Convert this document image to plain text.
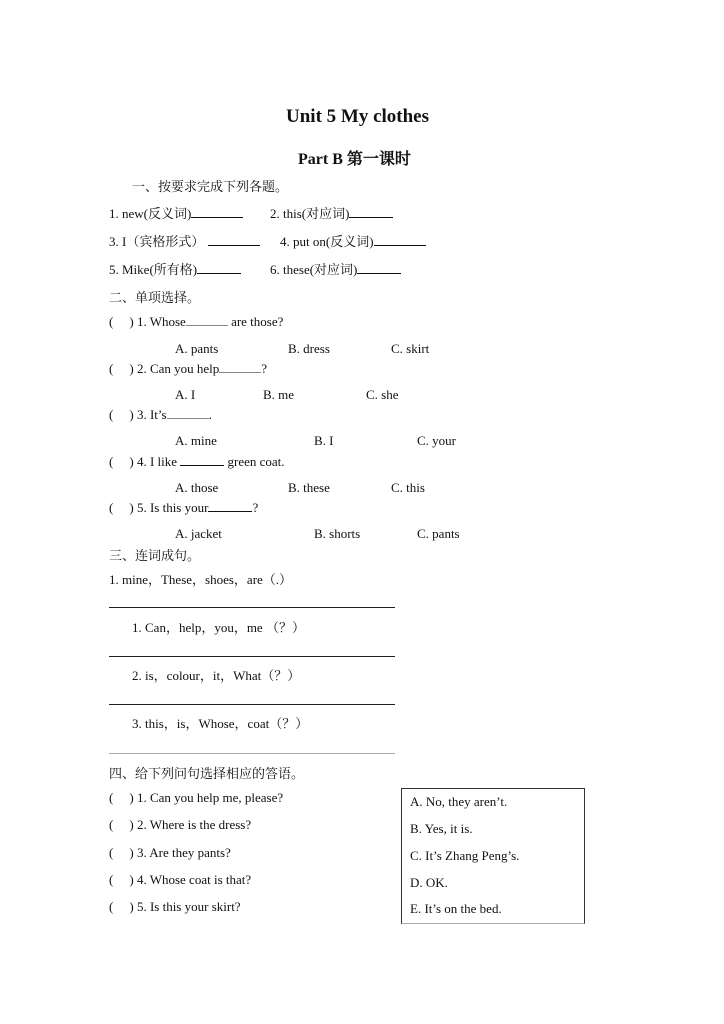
Unit 5 My clothes
Part B 第一课时
一、按要求完成下列各题。
1. new(反义词)	2. this(对应词)
3. I（宾格形式）	4. put on(反义词)
5. Mike(所有格)	6. these(对应词)
二、单项选择。
( ) 1. Whose	are those?
A. pants	B. dress	C. skirt
( ) 2. Can you help	?
A. I	B. me	C. she
( ) 3. It’s	.
A. mine	B. I	C. your
( ) 4. I like	green coat.
A. those	B. these	C. this
( ) 5. Is this your	?
A. jacket	B. shorts	C. pants
三、连词成句。
1. mine，These，shoes，are（.）
1. Can，help，you，me （？）
2. is，colour，it，What（？）
3. this，is，Whose，coat（？）
四、给下列问句选择相应的答语。
( ) 1. Can you help me, please?
( ) 2. Where is the dress?
( ) 3. Are they pants?
( ) 4. Whose coat is that?
( ) 5. Is this your skirt?
A. No, they aren’t.
B. Yes, it is.
C. It’s Zhang Peng’s.
D. OK.
E. It’s on the bed.
